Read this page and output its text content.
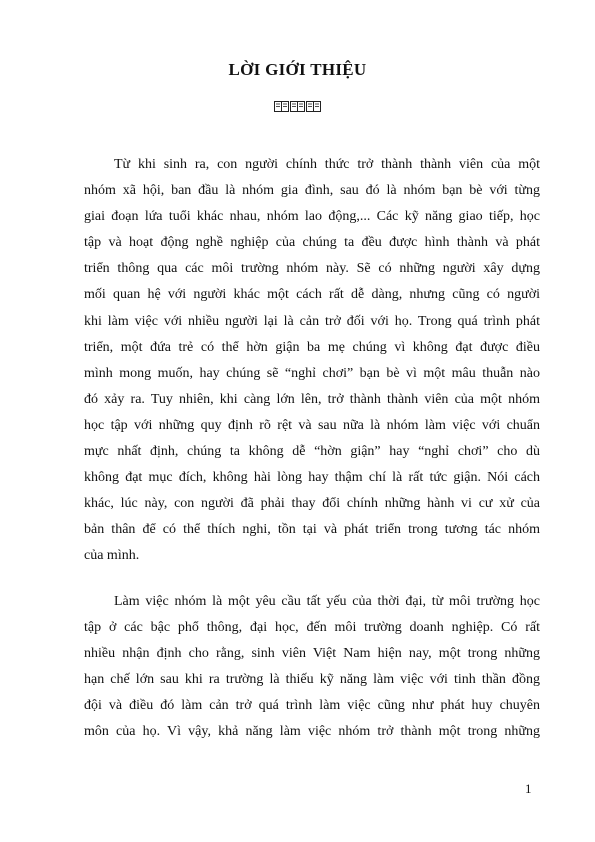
LỜI GIỚI THIỆU
Từ khi sinh ra, con người chính thức trở thành thành viên của một
nhóm xã hội, ban đầu là nhóm gia đình, sau đó là nhóm bạn bè với từng
giai đoạn lứa tuổi khác nhau, nhóm lao động,... Các kỹ năng giao tiếp, học
tập và hoạt động nghề nghiệp của chúng ta đều được hình thành và phát
triển thông qua các môi trường nhóm này. Sẽ có những người xây dựng
mối quan hệ với người khác một cách rất dễ dàng, nhưng cũng có người
khi làm việc với nhiều người lại là cản trở đối với họ. Trong quá trình phát
triển, một đứa trẻ có thể hờn giận ba mẹ chúng vì không đạt được điều
mình mong muốn, hay chúng sẽ “nghỉ chơi” bạn bè vì một mâu thuẫn nào
đó xảy ra. Tuy nhiên, khi càng lớn lên, trở thành thành viên của một nhóm
học tập với những quy định rõ rệt và sau nữa là nhóm làm việc với chuẩn
mực nhất định, chúng ta không dễ “hờn giận” hay “nghỉ chơi” cho dù
không đạt mục đích, không hài lòng hay thậm chí là rất tức giận. Nói cách
khác, lúc này, con người đã phải thay đổi chính những hành vi cư xử của
bản thân để có thể thích nghi, tồn tại và phát triển trong tương tác nhóm
của mình.
Làm việc nhóm là một yêu cầu tất yếu của thời đại, từ môi trường học
tập ở các bậc phổ thông, đại học, đến môi trường doanh nghiệp. Có rất
nhiều nhận định cho rằng, sinh viên Việt Nam hiện nay, một trong những
hạn chế lớn sau khi ra trường là thiếu kỹ năng làm việc với tinh thần đồng
đội và điều đó làm cản trở quá trình làm việc cũng như phát huy chuyên
môn của họ. Vì vậy, khả năng làm việc nhóm trở thành một trong những
1
